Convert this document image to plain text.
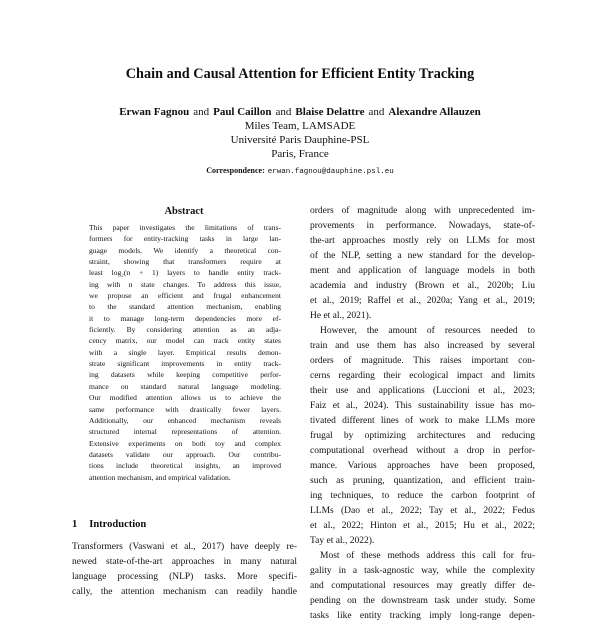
Chain and Causal Attention for Efficient Entity Tracking
Erwan Fagnou and Paul Caillon and Blaise Delattre and Alexandre Allauzen
Miles Team, LAMSADE
Université Paris Dauphine-PSL
Paris, France
Correspondence: erwan.fagnou@dauphine.psl.eu
Abstract
This paper investigates the limitations of trans-
formers for entity-tracking tasks in large lan-
guage models. We identify a theoretical con-
straint, showing that transformers require at
least log₂(n + 1) layers to handle entity track-
ing with n state changes. To address this issue,
we propose an efficient and frugal enhancement
to the standard attention mechanism, enabling
it to manage long-term dependencies more ef-
ficiently. By considering attention as an adja-
cency matrix, our model can track entity states
with a single layer. Empirical results demon-
strate significant improvements in entity track-
ing datasets while keeping competitive perfor-
mance on standard natural language modeling.
Our modified attention allows us to achieve the
same performance with drastically fewer layers.
Additionally, our enhanced mechanism reveals
structured internal representations of attention.
Extensive experiments on both toy and complex
datasets validate our approach. Our contribu-
tions include theoretical insights, an improved
attention mechanism, and empirical validation.
1 Introduction
Transformers (Vaswani et al., 2017) have deeply re-
newed state-of-the-art approaches in many natural
language processing (NLP) tasks. More specifi-
cally, the attention mechanism can readily handle
orders of magnitude along with unprecedented im-
provements in performance. Nowadays, state-of-
the-art approaches mostly rely on LLMs for most
of the NLP, setting a new standard for the develop-
ment and application of language models in both
academia and industry (Brown et al., 2020b; Liu
et al., 2019; Raffel et al., 2020a; Yang et al., 2019;
He et al., 2021).
However, the amount of resources needed to
train and use them has also increased by several
orders of magnitude. This raises important con-
cerns regarding their ecological impact and limits
their use and applications (Luccioni et al., 2023;
Faiz et al., 2024). This sustainability issue has mo-
tivated different lines of work to make LLMs more
frugal by optimizing architectures and reducing
computational overhead without a drop in perfor-
mance. Various approaches have been proposed,
such as pruning, quantization, and efficient train-
ing techniques, to reduce the carbon footprint of
LLMs (Dao et al., 2022; Tay et al., 2022; Fedus
et al., 2022; Hinton et al., 2015; Hu et al., 2022;
Tay et al., 2022).
Most of these methods address this call for fru-
gality in a task-agnostic way, while the complexity
and computational resources may greatly differ de-
pending on the downstream task under study. Some
tasks like entity tracking imply long-range depen-
